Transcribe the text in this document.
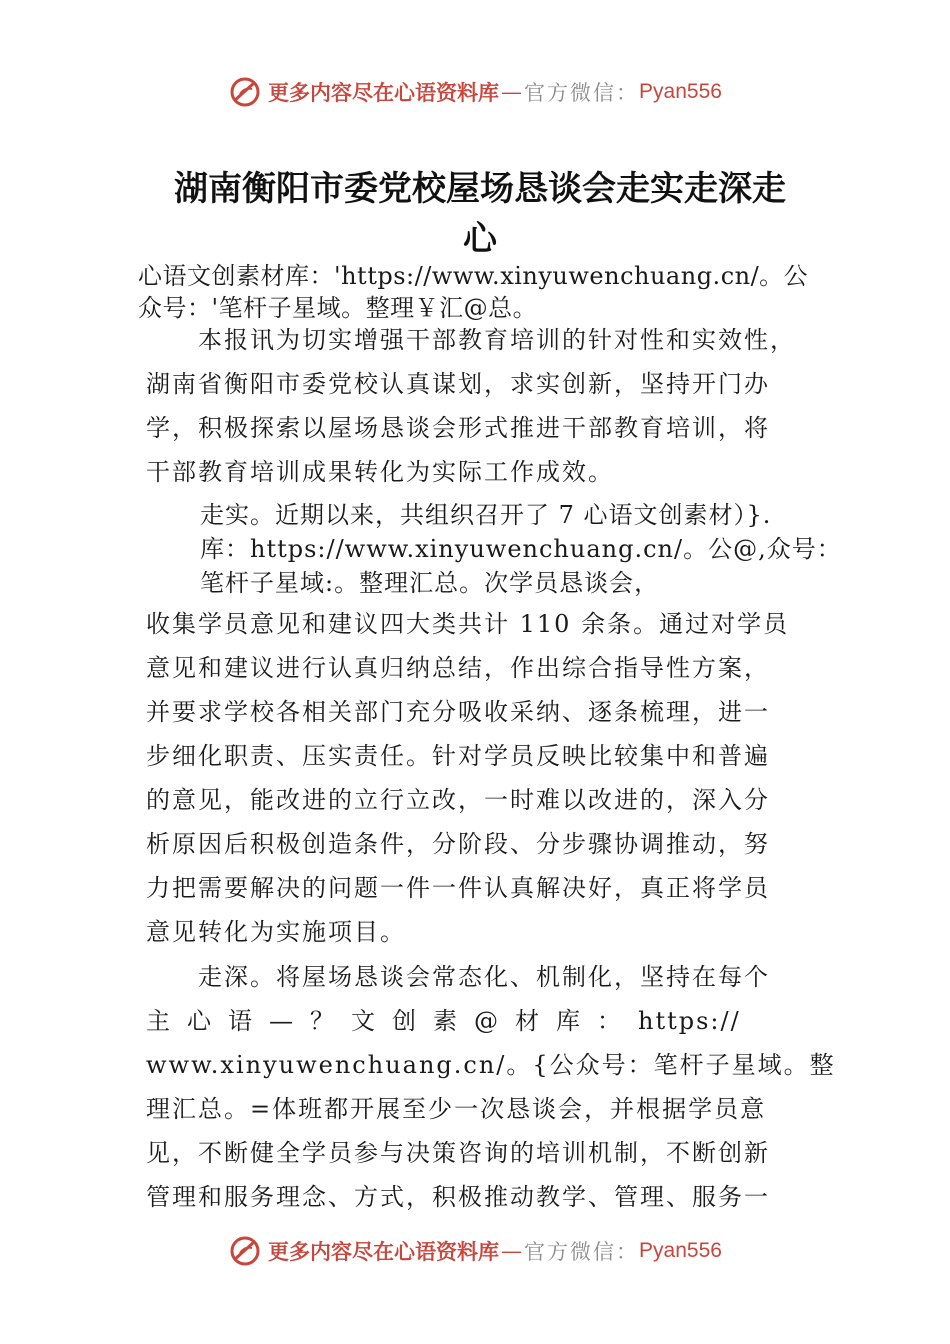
更多内容尽在心语资料库 — 官方微信： Pyan556
湖南衡阳市委党校屋场恳谈会走实走深走
心

心语文创素材库：'https://www.xinyuwenchuang.cn/。公
众号：'笔杆子星域。整理￥汇@总。

　　本报讯为切实增强干部教育培训的针对性和实效性，
湖南省衡阳市委党校认真谋划，求实创新，坚持开门办
学，积极探索以屋场恳谈会形式推进干部教育培训，将
干部教育培训成果转化为实际工作成效。

走实。近期以来，共组织召开了 7 心语文创素材）}.
库：https://www.xinyuwenchuang.cn/。公@,众号：
笔杆子星域:。整理汇总。次学员恳谈会，

收集学员意见和建议四大类共计 110 余条。通过对学员
意见和建议进行认真归纳总结，作出综合指导性方案，
并要求学校各相关部门充分吸收采纳、逐条梳理，进一
步细化职责、压实责任。针对学员反映比较集中和普遍
的意见，能改进的立行立改，一时难以改进的，深入分
析原因后积极创造条件，分阶段、分步骤协调推动，努
力把需要解决的问题一件一件认真解决好，真正将学员
意见转化为实施项目。

　　走深。将屋场恳谈会常态化、机制化，坚持在每个
主心语—？文创素@材库：https://
www.xinyuwenchuang.cn/。{公众号：笔杆子星域。整
理汇总。=体班都开展至少一次恳谈会，并根据学员意
见，不断健全学员参与决策咨询的培训机制，不断创新
管理和服务理念、方式，积极推动教学、管理、服务一

更多内容尽在心语资料库 — 官方微信： Pyan556
